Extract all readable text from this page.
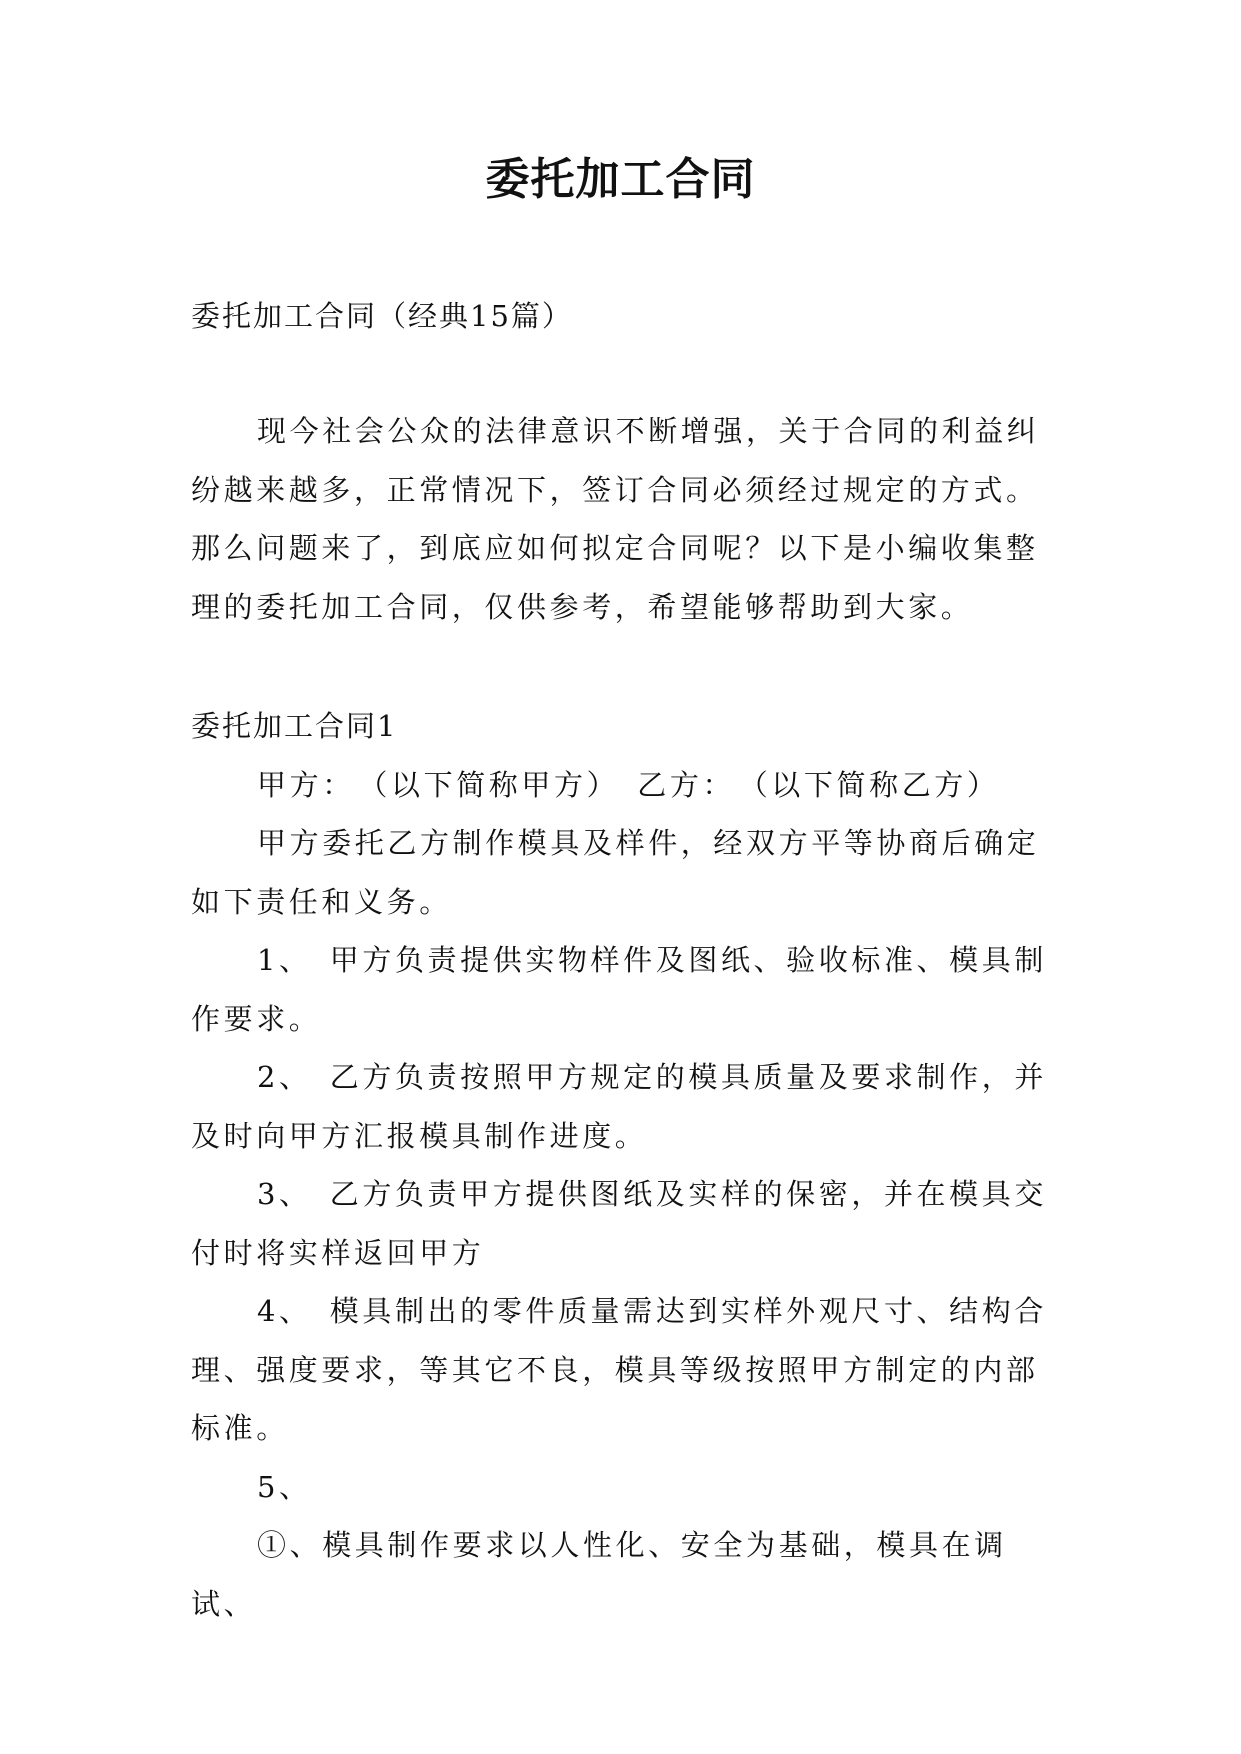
委托加工合同
委托加工合同（经典15篇）

现今社会公众的法律意识不断增强，关于合同的利益纠纷越来越多，正常情况下，签订合同必须经过规定的方式。那么问题来了，到底应如何拟定合同呢？以下是小编收集整理的委托加工合同，仅供参考，希望能够帮助到大家。

委托加工合同1

甲方：　（以下简称甲方）　乙方：　（以下简称乙方）

甲方委托乙方制作模具及样件，经双方平等协商后确定如下责任和义务。

1、　甲方负责提供实物样件及图纸、验收标准、模具制作要求。

2、　乙方负责按照甲方规定的模具质量及要求制作，并及时向甲方汇报模具制作进度。

3、　乙方负责甲方提供图纸及实样的保密，并在模具交付时将实样返回甲方

4、　模具制出的零件质量需达到实样外观尺寸、结构合理、强度要求，等其它不良，模具等级按照甲方制定的内部标准。

5、

①、模具制作要求以人性化、安全为基础，模具在调试、
